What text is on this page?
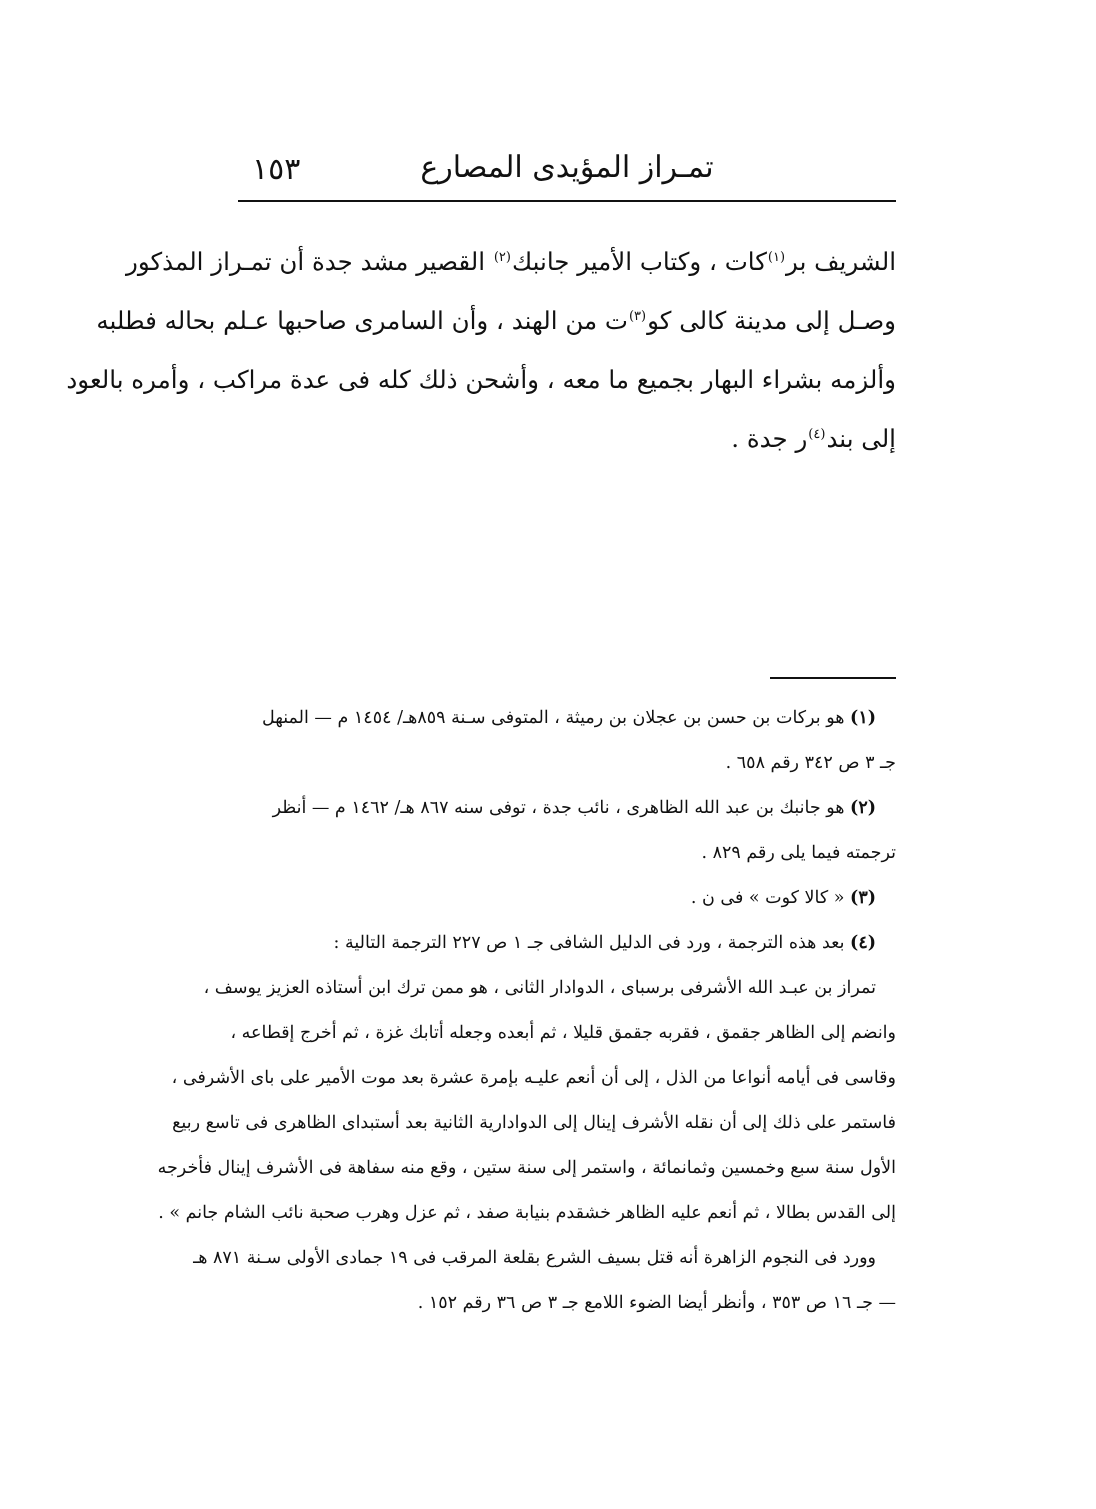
تمـراز المؤيدى المصارع
١٥٣

الشريف بر$^{(١)}$كات ، وكتاب الأمير جانبك$^{(٢)}$ القصير مشد جدة أن تمـراز المذكور

وصـل إلى مدينة كالى كو$^{(٣)}$ت من الهند ، وأن السامرى صاحبها عـلم بحاله فطلبه

وألزمه بشراء البهار بجميع ما معه ، وأشحن ذلك كله فى عدة مراكب ، وأمره بالعود

إلى بند$^{(٤)}$ر جدة .

(١) هو بركات بن حسن بن عجلان بن رميثة ، المتوفى سـنة ٨٥٩هـ/ ١٤٥٤ م — المنهل

جـ ٣ ص ٣٤٢ رقم ٦٥٨ .

(٢) هو جانبك بن عبد الله الظاهرى ، نائب جدة ، توفى سنه ٨٦٧ هـ/ ١٤٦٢ م — أنظر

ترجمته فيما يلى رقم ٨٢٩ .

(٣) « كالا كوت » فى ن .

(٤) بعد هذه الترجمة ، ورد فى الدليل الشافى جـ ١ ص ٢٢٧ الترجمة التالية :

تمراز بن عبـد الله الأشرفى برسباى ، الدوادار الثانى ، هو ممن ترك ابن أستاذه العزيز يوسف ،

وانضم إلى الظاهر جقمق ، فقربه جقمق قليلا ، ثم أبعده وجعله أتابك غزة ، ثم أخرج إقطاعه ،

وقاسى فى أيامه أنواعا من الذل ، إلى أن أنعم عليـه بإمرة عشرة بعد موت الأمير على باى الأشرفى ،

فاستمر على ذلك إلى أن نقله الأشرف إينال إلى الدوادارية الثانية بعد أستبداى الظاهرى فى تاسع ربيع

الأول سنة سبع وخمسين وثمانمائة ، واستمر إلى سنة ستين ، وقع منه سفاهة فى الأشرف إينال فأخرجه

إلى القدس بطالا ، ثم أنعم عليه الظاهر خشقدم بنيابة صفد ، ثم عزل وهرب صحبة نائب الشام جانم » .

وورد فى النجوم الزاهرة أنه قتل بسيف الشرع بقلعة المرقب فى ١٩ جمادى الأولى سـنة ٨٧١ هـ

— جـ ١٦ ص ٣٥٣ ، وأنظر أيضا الضوء اللامع جـ ٣ ص ٣٦ رقم ١٥٢ .
